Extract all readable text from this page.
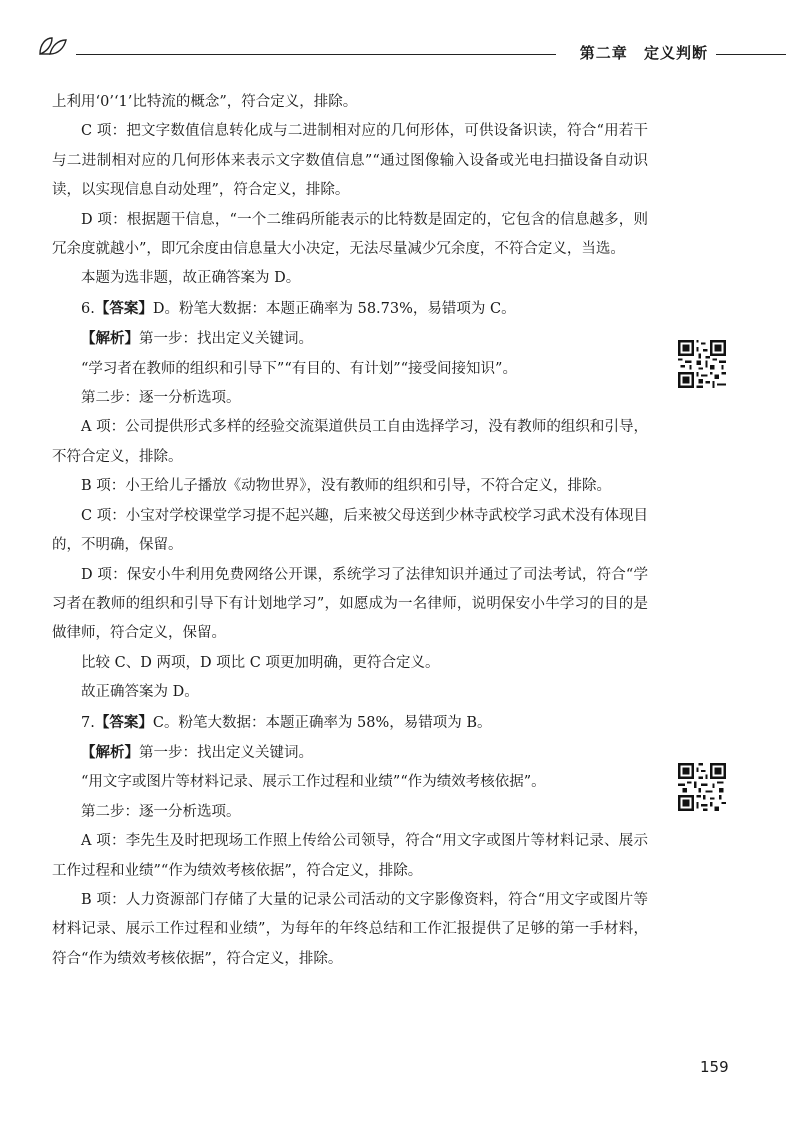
第二章 定义判断

上利用‘0’‘1’比特流的概念”，符合定义，排除。

C 项：把文字数值信息转化成与二进制相对应的几何形体，可供设备识读，符合“用若干与二进制相对应的几何形体来表示文字数值信息”“通过图像输入设备或光电扫描设备自动识读，以实现信息自动处理”，符合定义，排除。

D 项：根据题干信息，“一个二维码所能表示的比特数是固定的，它包含的信息越多，则冗余度就越小”，即冗余度由信息量大小决定，无法尽量减少冗余度，不符合定义，当选。

本题为选非题，故正确答案为 D。

6.【答案】D。粉笔大数据：本题正确率为 58.73%，易错项为 C。

【解析】第一步：找出定义关键词。

“学习者在教师的组织和引导下”“有目的、有计划”“接受间接知识”。

第二步：逐一分析选项。

A 项：公司提供形式多样的经验交流渠道供员工自由选择学习，没有教师的组织和引导，不符合定义，排除。

B 项：小王给儿子播放《动物世界》，没有教师的组织和引导，不符合定义，排除。

C 项：小宝对学校课堂学习提不起兴趣，后来被父母送到少林寺武校学习武术没有体现目的，不明确，保留。

D 项：保安小牛利用免费网络公开课，系统学习了法律知识并通过了司法考试，符合“学习者在教师的组织和引导下有计划地学习”，如愿成为一名律师，说明保安小牛学习的目的是做律师，符合定义，保留。

比较 C、D 两项，D 项比 C 项更加明确，更符合定义。

故正确答案为 D。

7.【答案】C。粉笔大数据：本题正确率为 58%，易错项为 B。

【解析】第一步：找出定义关键词。

“用文字或图片等材料记录、展示工作过程和业绩”“作为绩效考核依据”。

第二步：逐一分析选项。

A 项：李先生及时把现场工作照上传给公司领导，符合“用文字或图片等材料记录、展示工作过程和业绩”“作为绩效考核依据”，符合定义，排除。

B 项：人力资源部门存储了大量的记录公司活动的文字影像资料，符合“用文字或图片等材料记录、展示工作过程和业绩”，为每年的年终总结和工作汇报提供了足够的第一手材料，符合“作为绩效考核依据”，符合定义，排除。

159
